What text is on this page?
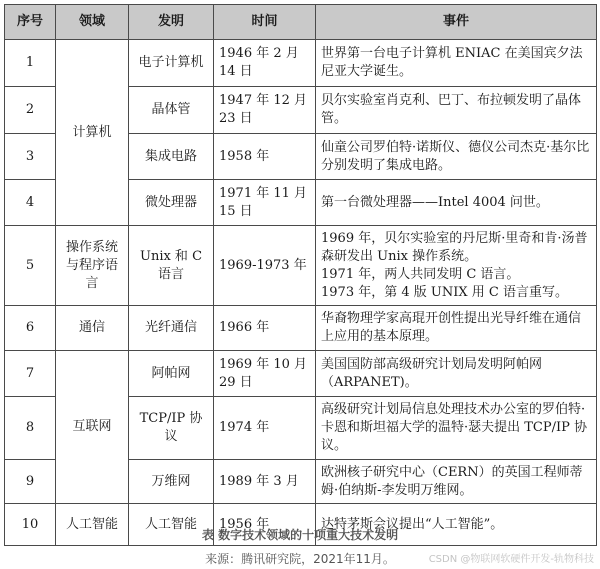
序号	领域	发明	时间	事件
1	计算机	电子计算机	1946 年 2 月 14 日	世界第一台电子计算机 ENIAC 在美国宾夕法尼亚大学诞生。
2		晶体管	1947 年 12 月 23 日	贝尔实验室肖克利、巴丁、布拉顿发明了晶体管。
3		集成电路	1958 年	仙童公司罗伯特·诺斯仪、德仪公司杰克·基尔比分别发明了集成电路。
4		微处理器	1971 年 11 月 15 日	第一台微处理器——Intel 4004 问世。
5	操作系统与程序语言	Unix 和 C 语言	1969-1973 年	1969 年，贝尔实验室的丹尼斯·里奇和肯·汤普森研发出 Unix 操作系统。
1971 年，两人共同发明 C 语言。
1973 年，第 4 版 UNIX 用 C 语言重写。

6	通信	光纤通信	1966 年	华裔物理学家高琨开创性提出光导纤维在通信上应用的基本原理。
7	互联网	阿帕网	1969 年 10 月 29 日	美国国防部高级研究计划局发明阿帕网（ARPANET)。
8		TCP/IP 协议	1974 年	高级研究计划局信息处理技术办公室的罗伯特·卡恩和斯坦福大学的温特·瑟夫提出 TCP/IP 协议。
9		万维网	1989 年 3 月	欧洲核子研究中心（CERN）的英国工程师蒂姆·伯纳斯-李发明万维网。
10	人工智能	人工智能	1956 年	达特茅斯会议提出“人工智能”。
表 数字技术领域的十项重大技术发明
来源：腾讯研究院，2021年11月。	CSDN @物联网软硬件开发-轨物科技
